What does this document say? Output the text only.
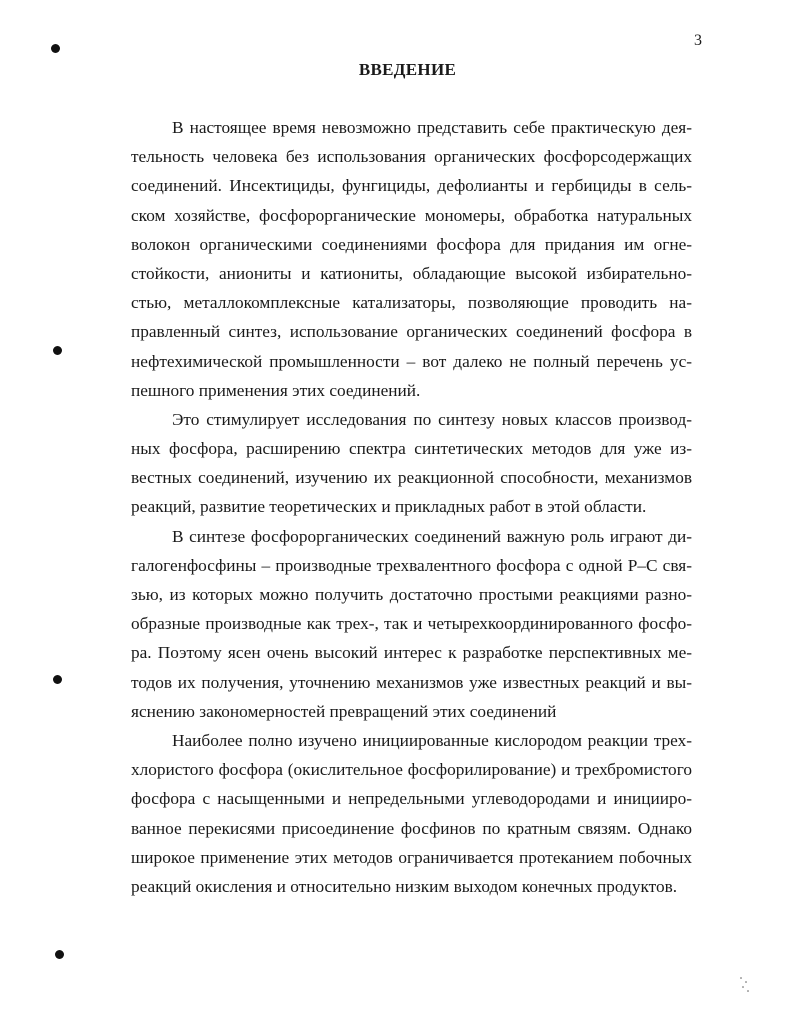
3
ВВЕДЕНИЕ
В настоящее время невозможно представить себе практическую дея-
тельность человека без использования органических фосфорсодержащих
соединений. Инсектициды, фунгициды, дефолианты и гербициды в сель-
ском хозяйстве, фосфорорганические мономеры, обработка натуральных
волокон органическими соединениями фосфора для придания им огне-
стойкости, аниониты и катиониты, обладающие высокой избирательно-
стью, металлокомплексные катализаторы, позволяющие проводить на-
правленный синтез, использование органических соединений фосфора в
нефтехимической промышленности – вот далеко не полный перечень ус-
пешного применения этих соединений.
Это стимулирует исследования по синтезу новых классов производ-
ных фосфора, расширению спектра синтетических методов для уже из-
вестных соединений, изучению их реакционной способности, механизмов
реакций, развитие теоретических и прикладных работ в этой области.
В синтезе фосфорорганических соединений важную роль играют ди-
галогенфосфины – производные трехвалентного фосфора с одной Р–С свя-
зью, из которых можно получить достаточно простыми реакциями разно-
образные производные как трех-, так и четырехкоординированного фосфо-
ра. Поэтому ясен очень высокий интерес к разработке перспективных ме-
тодов их получения, уточнению механизмов уже известных реакций и вы-
яснению закономерностей превращений этих соединений
Наиболее полно изучено инициированные кислородом реакции трех-
хлористого фосфора (окислительное фосфорилирование) и трехбромистого
фосфора с насыщенными и непредельными углеводородами и иницииро-
ванное перекисями присоединение фосфинов по кратным связям. Однако
широкое применение этих методов ограничивается протеканием побочных
реакций окисления и относительно низким выходом конечных продуктов.
